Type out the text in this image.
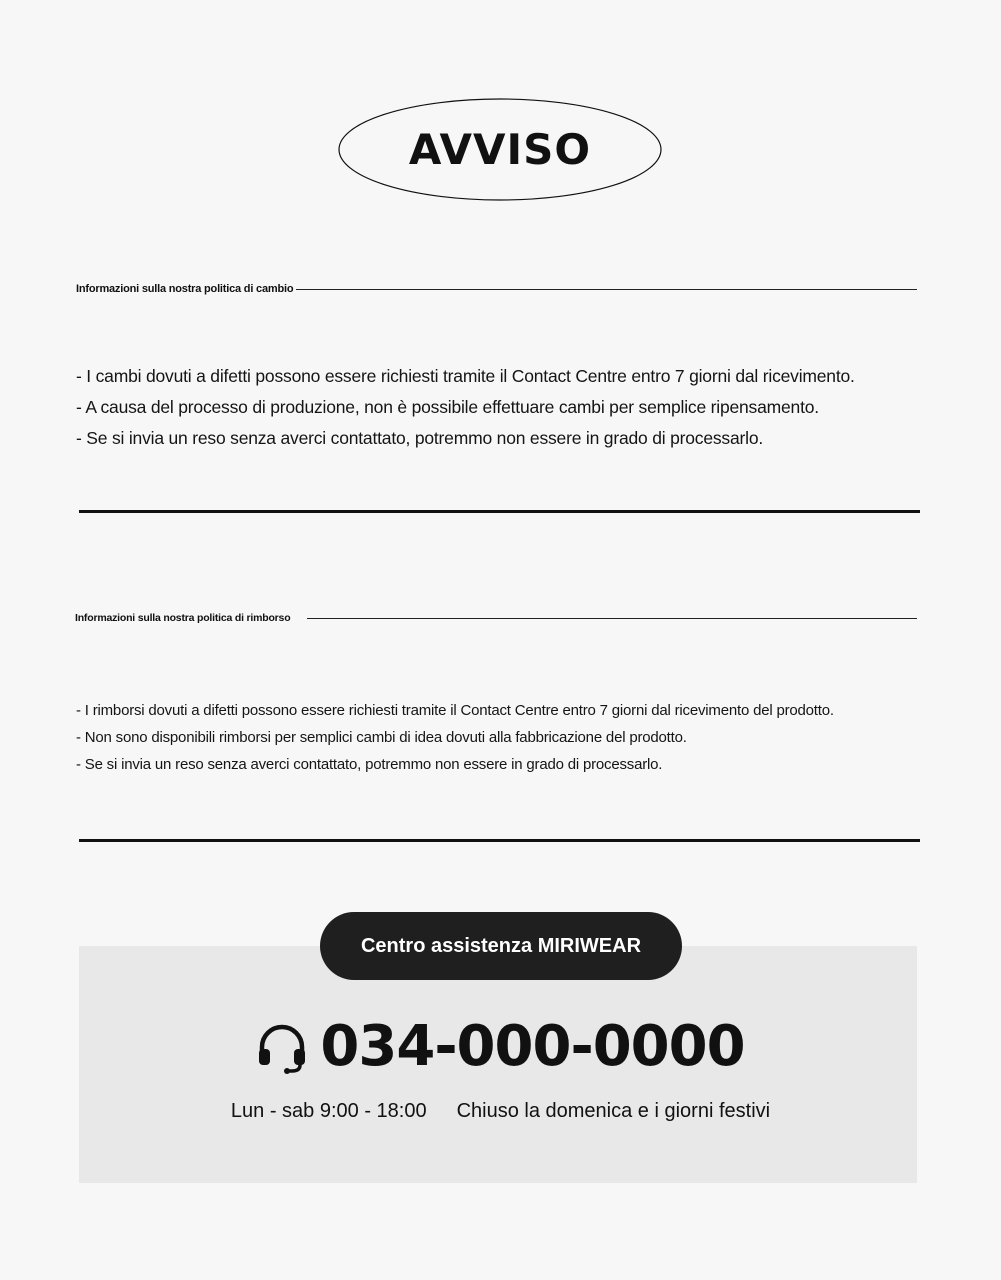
AVVISO
Informazioni sulla nostra politica di cambio
- I cambi dovuti a difetti possono essere richiesti tramite il Contact Centre entro 7 giorni dal ricevimento.
- A causa del processo di produzione, non è possibile effettuare cambi per semplice ripensamento.
- Se si invia un reso senza averci contattato, potremmo non essere in grado di processarlo.
Informazioni sulla nostra politica di rimborso
- I rimborsi dovuti a difetti possono essere richiesti tramite il Contact Centre entro 7 giorni dal ricevimento del prodotto.
- Non sono disponibili rimborsi per semplici cambi di idea dovuti alla fabbricazione del prodotto.
- Se si invia un reso senza averci contattato, potremmo non essere in grado di processarlo.
Centro assistenza MIRIWEAR
034-000-0000
Lun - sab 9:00 - 18:00 Chiuso la domenica e i giorni festivi
